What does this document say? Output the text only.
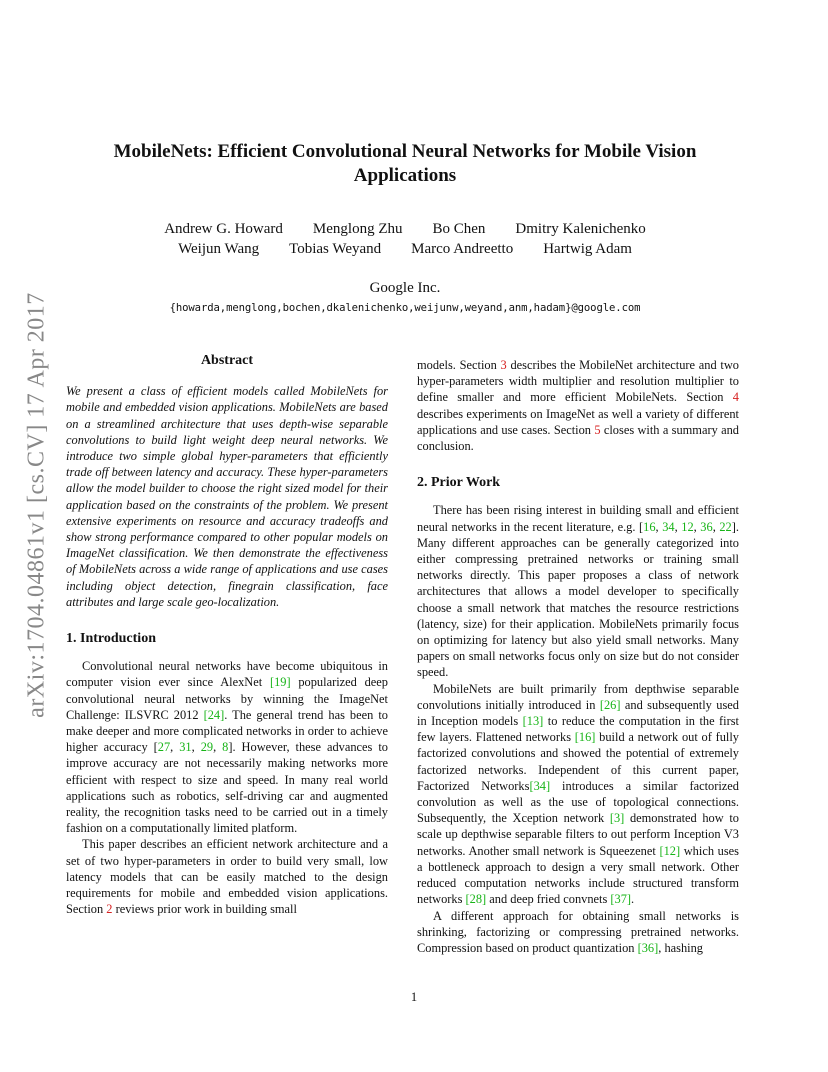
arXiv:1704.04861v1 [cs.CV] 17 Apr 2017
MobileNets: Efficient Convolutional Neural Networks for Mobile Vision Applications
Andrew G. Howard Menglong Zhu Bo Chen Dmitry Kalenichenko
Weijun Wang Tobias Weyand Marco Andreetto Hartwig Adam
Google Inc.
{howarda,menglong,bochen,dkalenichenko,weijunw,weyand,anm,hadam}@google.com
Abstract

We present a class of efficient models called MobileNets for mobile and embedded vision applications. MobileNets are based on a streamlined architecture that uses depth-wise separable convolutions to build light weight deep neural networks. We introduce two simple global hyper-parameters that efficiently trade off between latency and accuracy. These hyper-parameters allow the model builder to choose the right sized model for their application based on the constraints of the problem. We present extensive experiments on resource and accuracy tradeoffs and show strong performance compared to other popular models on ImageNet classification. We then demonstrate the effectiveness of MobileNets across a wide range of applications and use cases including object detection, finegrain classification, face attributes and large scale geo-localization.

1. Introduction

Convolutional neural networks have become ubiquitous in computer vision ever since AlexNet [19] popularized deep convolutional neural networks by winning the ImageNet Challenge: ILSVRC 2012 [24]. The general trend has been to make deeper and more complicated networks in order to achieve higher accuracy [27, 31, 29, 8]. However, these advances to improve accuracy are not necessarily making networks more efficient with respect to size and speed. In many real world applications such as robotics, self-driving car and augmented reality, the recognition tasks need to be carried out in a timely fashion on a computationally limited platform.

This paper describes an efficient network architecture and a set of two hyper-parameters in order to build very small, low latency models that can be easily matched to the design requirements for mobile and embedded vision applications. Section 2 reviews prior work in building small

models. Section 3 describes the MobileNet architecture and two hyper-parameters width multiplier and resolution multiplier to define smaller and more efficient MobileNets. Section 4 describes experiments on ImageNet as well a variety of different applications and use cases. Section 5 closes with a summary and conclusion.

2. Prior Work

There has been rising interest in building small and efficient neural networks in the recent literature, e.g. [16, 34, 12, 36, 22]. Many different approaches can be generally categorized into either compressing pretrained networks or training small networks directly. This paper proposes a class of network architectures that allows a model developer to specifically choose a small network that matches the resource restrictions (latency, size) for their application. MobileNets primarily focus on optimizing for latency but also yield small networks. Many papers on small networks focus only on size but do not consider speed.

MobileNets are built primarily from depthwise separable convolutions initially introduced in [26] and subsequently used in Inception models [13] to reduce the computation in the first few layers. Flattened networks [16] build a network out of fully factorized convolutions and showed the potential of extremely factorized networks. Independent of this current paper, Factorized Networks[34] introduces a similar factorized convolution as well as the use of topological connections. Subsequently, the Xception network [3] demonstrated how to scale up depthwise separable filters to out perform Inception V3 networks. Another small network is Squeezenet [12] which uses a bottleneck approach to design a very small network. Other reduced computation networks include structured transform networks [28] and deep fried convnets [37].

A different approach for obtaining small networks is shrinking, factorizing or compressing pretrained networks. Compression based on product quantization [36], hashing

1
